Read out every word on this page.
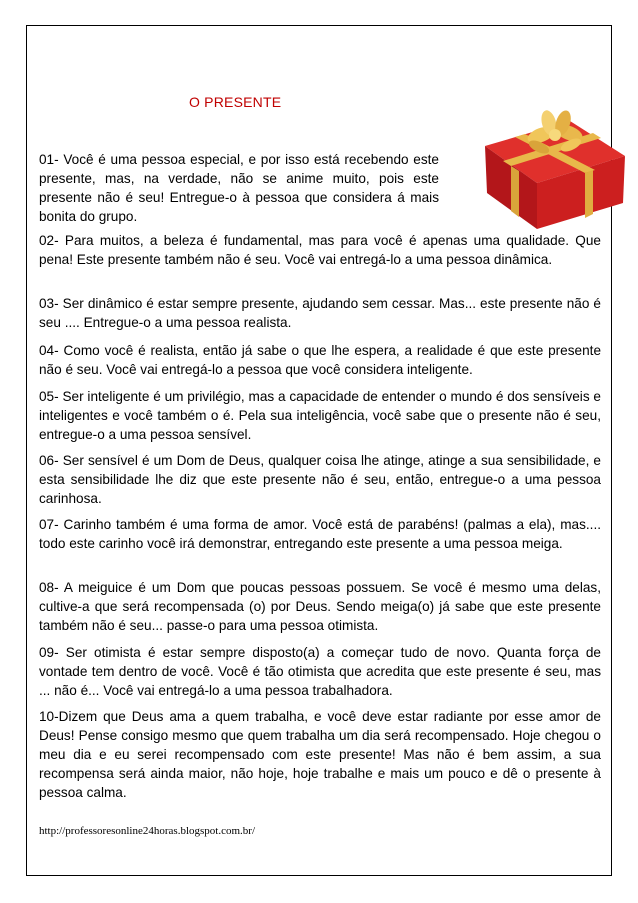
O PRESENTE

01- Você é uma pessoa especial, e por isso está recebendo este presente, mas, na verdade, não se anime muito, pois este presente não é seu! Entregue-o à pessoa que considera á mais bonita do grupo.

02- Para muitos, a beleza é fundamental, mas para você é apenas uma qualidade. Que pena! Este presente também não é seu. Você vai entregá-lo a uma pessoa dinâmica.

03- Ser dinâmico é estar sempre presente, ajudando sem cessar. Mas... este presente não é seu .... Entregue-o a uma pessoa realista.

04- Como você é realista, então já sabe o que lhe espera, a realidade é que este presente não é seu. Você vai entregá-lo a pessoa que você considera inteligente.

05- Ser inteligente é um privilégio, mas a capacidade de entender o mundo é dos sensíveis e inteligentes e você também o é. Pela sua inteligência, você sabe que o presente não é seu, entregue-o a uma pessoa sensível.

06- Ser sensível é um Dom de Deus, qualquer coisa lhe atinge, atinge a sua sensibilidade, e esta sensibilidade lhe diz que este presente não é seu, então, entregue-o a uma pessoa carinhosa.

07- Carinho também é uma forma de amor. Você está de parabéns! (palmas a ela), mas.... todo este carinho você irá demonstrar, entregando este presente a uma pessoa meiga.

08- A meiguice é um Dom que poucas pessoas possuem. Se você é mesmo uma delas, cultive-a que será recompensada (o) por Deus. Sendo meiga(o) já sabe que este presente também não é seu... passe-o para uma pessoa otimista.

09- Ser otimista é estar sempre disposto(a) a começar tudo de novo. Quanta força de vontade tem dentro de você. Você é tão otimista que acredita que este presente é seu, mas ... não é... Você vai entregá-lo a uma pessoa trabalhadora.

10-Dizem que Deus ama a quem trabalha, e você deve estar radiante por esse amor de Deus! Pense consigo mesmo que quem trabalha um dia será recompensado. Hoje chegou o meu dia e eu serei recompensado com este presente! Mas não é bem assim, a sua recompensa será ainda maior, não hoje, hoje trabalhe e mais um pouco e dê o presente à pessoa calma.

http://professoresonline24horas.blogspot.com.br/
